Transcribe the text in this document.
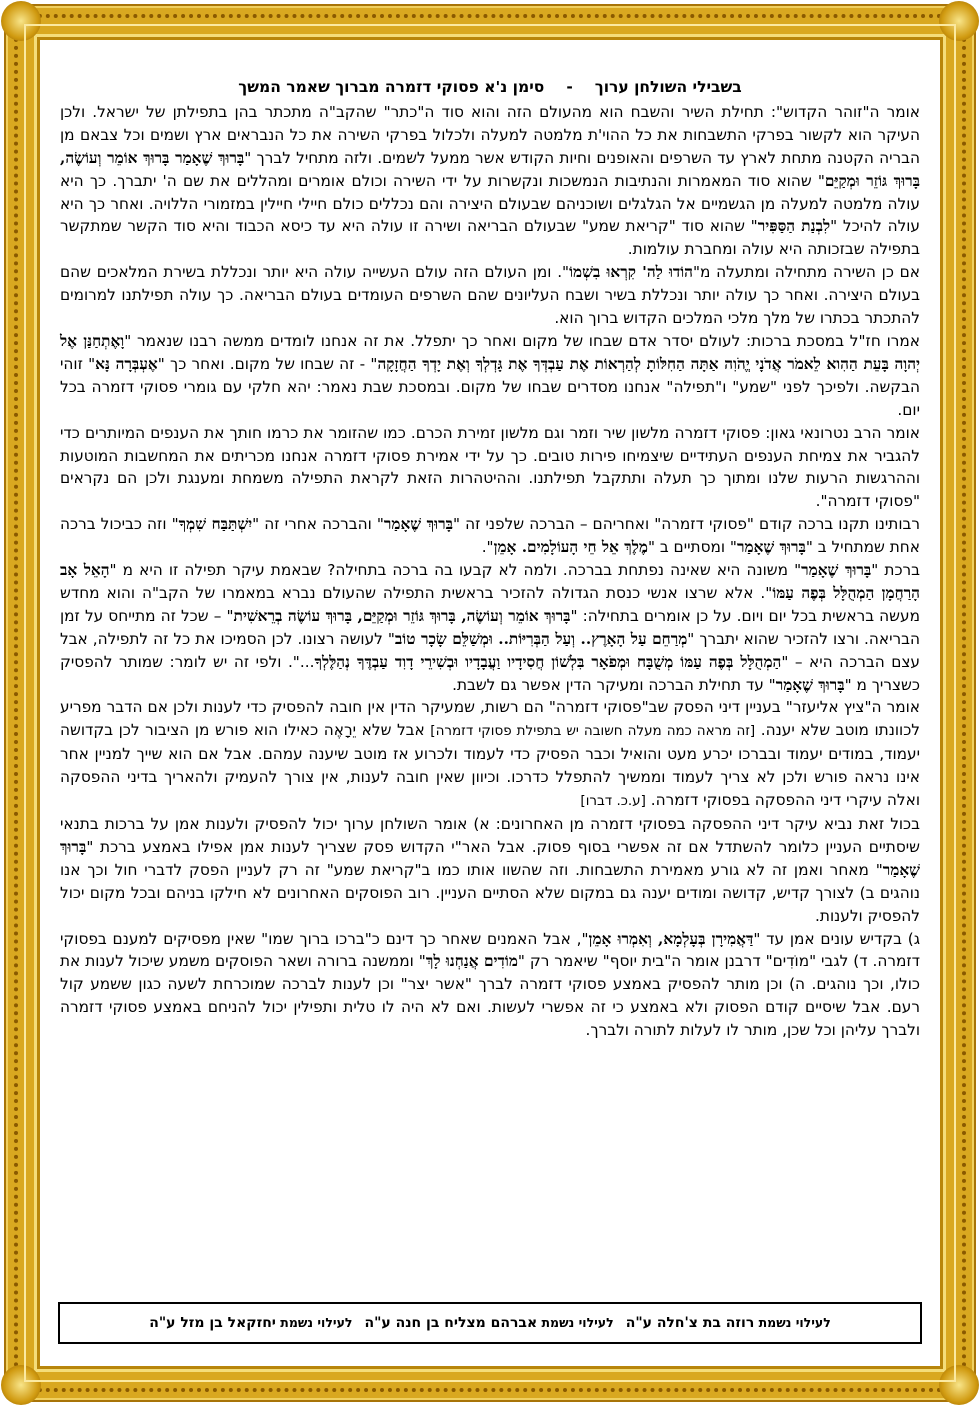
בשבילי השולחן ערוך-סימן נ'א פסוקי דזמרה מברוך שאמר המשך

אומר ה"זוהר הקדוש": תחילת השיר והשבח הוא מהעולם הזה והוא סוד ה"כתר" שהקב"ה מתכתר בהן בתפילתן של ישראל. ולכן העיקר הוא לקשור בפרקי התשבחות את כל ההוי'ת מלמטה למעלה ולכלול בפרקי השירה את כל הנבראים ארץ ושמים וכל צבאם מן הבריה הקטנה מתחת לארץ עד השרפים והאופנים וחיות הקודש אשר ממעל לשמים. ולזה מתחיל לברך "בָּרוּךְ שֶׁאָמַר בָּרוּךְ אוֹמֵר וְעוֹשֶׂה, בָּרוּךְ גּוֹזֵר וּמְקַיֵּם" שהוא סוד המאמרות והנתיבות הנמשכות ונקשרות על ידי השירה וכולם אומרים ומהללים את שם ה' יתברך. כך היא עולה מלמטה למעלה מן הגשמיים אל הגלגלים ושוכניהם שבעולם היצירה והם נכללים כולם חיילי חיילין במזמורי הללויה. ואחר כך היא עולה להיכל "לִבְנַת הַסַּפִּיר" שהוא סוד "קריאת שמע" שבעולם הבריאה ושירה זו עולה היא עד כיסא הכבוד והיא סוד הקשר שמתקשר בתפילה שבזכותה היא עולה ומחברת עולמות.

אם כן השירה מתחילה ומתעלה מ"הוֹדוּ לַה' קִרְאוּ בִשְׁמוֹ". ומן העולם הזה עולם העשייה עולה היא יותר ונכללת בשירת המלאכים שהם בעולם היצירה. ואחר כך עולה יותר ונכללת בשיר ושבח העליונים שהם השרפים העומדים בעולם הבריאה. כך עולה תפילתנו למרומים להתכתר בכתרו של מלך מלכי המלכים הקדוש ברוך הוא.

אמרו חז"ל במסכת ברכות: לעולם יסדר אדם שבחו של מקום ואחר כך יתפלל. את זה אנחנו לומדים ממשה רבנו שנאמר "וָאֶתְחַנַּן אֶל יְהוָה בָּעֵת הַהִוא לֵאמֹר אֲדֹנָי יֱהֹוִה אַתָּה הַחִלּוֹתָ לְהַרְאוֹת אֶת עַבְדְּךָ אֶת גָּדְלְךָ וְאֶת יָדְךָ הַחֲזָקָה" - זה שבחו של מקום. ואחר כך "אֶעְבְּרָה נָּא" זוהי הבקשה. ולפיכך לפני "שמע" ו"תפילה" אנחנו מסדרים שבחו של מקום. ובמסכת שבת נאמר: יהא חלקי עם גומרי פסוקי דזמרה בכל יום.

אומר הרב נטרונאי גאון: פסוקי דזמרה מלשון שיר וזמר וגם מלשון זמירת הכרם. כמו שהזומר את כרמו חותך את הענפים המיותרים כדי להגביר את צמיחת הענפים העתידיים שיצמיחו פירות טובים. כך על ידי אמירת פסוקי דזמרה אנחנו מכריתים את המחשבות המוטעות וההרגשות הרעות שלנו ומתוך כך תעלה ותתקבל תפילתנו. וההיטהרות הזאת לקראת התפילה משמחת ומענגת ולכן הם נקראים "פסוקי דזמרה".

רבותינו תקנו ברכה קודם "פסוקי דזמרה" ואחריהם – הברכה שלפני זה "בָּרוּךְ שֶׁאָמַר" והברכה אחרי זה "יִשְׁתַּבַּח שִׁמְךָ" וזה כביכול ברכה אחת שמתחיל ב "בָּרוּךְ שֶׁאָמַר" ומסתיים ב "מֶלֶךְ אֵל חֵי הָעוֹלָמִים. אָמֵן".

ברכת "בָּרוּךְ שֶׁאָמַר" משונה היא שאינה נפתחת בברכה. ולמה לא קבעו בה ברכה בתחילה? שבאמת עיקר תפילה זו היא מ "הָאֵל אָב הָרַחֲמָן הַמְהֻלָּל בְּפֶה עַמּוֹ". אלא שרצו אנשי כנסת הגדולה להזכיר בראשית התפילה שהעולם נברא במאמרו של הקב"ה והוא מחדש מעשה בראשית בכל יום ויום. על כן אומרים בתחילה: "בָּרוּךְ אוֹמֵר וְעוֹשֶׂה, בָּרוּךְ גּוֹזֵר וּמְקַיֵּם, בָּרוּךְ עוֹשֶׂה בְרֵאשִׁית" – שכל זה מתייחס על זמן הבריאה. ורצו להזכיר שהוא יתברך "מְרַחֵם עַל הָאָרֶץ.. וְעַל הַבְּרִיּוֹת.. וּמְשַׁלֵּם שָׂכָר טוֹב" לעושה רצונו. לכן הסמיכו את כל זה לתפילה, אבל עצם הברכה היא – "הַמְהֻלָּל בְּפֶה עַמּוֹ מְשֻׁבָּח וּמְפֹאָר בִּלְשׁוֹן חֲסִידָיו וַעֲבָדָיו וּבְשִׁירֵי דָוִד עַבְדֶּךָ נְהַלֶּלְךָ...". ולפי זה יש לומר: שמותר להפסיק כשצריך מ "בָּרוּךְ שֶׁאָמַר" עד תחילת הברכה ומעיקר הדין אפשר גם לשבת.

אומר ה"ציץ אליעזר" בעניין דיני הפסק שב"פסוקי דזמרה" הם רשות, שמעיקר הדין אין חובה להפסיק כדי לענות ולכן אם הדבר מפריע לכוונתו מוטב שלא יענה. [זה מראה כמה מעלה חשובה יש בתפילת פסוקי דזמרה] אבל שלא יֵרָאֶה כאילו הוא פורש מן הציבור לכן בקדושה יעמוד, במודים יעמוד ובברכו יכרע מעט והואיל וכבר הפסיק כדי לעמוד ולכרוע אז מוטב שיענה עמהם. אבל אם הוא שייך למניין אחר אינו נראה פורש ולכן לא צריך לעמוד וממשיך להתפלל כדרכו. וכיוון שאין חובה לענות, אין צורך להעמיק ולהאריך בדיני ההפסקה ואלה עיקרי דיני ההפסקה בפסוקי דזמרה. [ע.כ. דברו]

בכול זאת נביא עיקר דיני ההפסקה בפסוקי דזמרה מן האחרונים: א) אומר השולחן ערוך יכול להפסיק ולענות אמן על ברכות בתנאי שיסתיים העניין כלומר להשתדל אם זה אפשרי בסוף פסוק. אבל האר"י הקדוש פסק שצריך לענות אמן אפילו באמצע ברכת "בָּרוּךְ שֶׁאָמַר" מאחר ואמן זה לא גורע מאמירת התשבחות. וזה שהשוו אותו כמו ב"קריאת שמע" זה רק לעניין הפסק לדברי חול וכך אנו נוהגים ב) לצורך קדיש, קדושה ומודים יענה גם במקום שלא הסתיים העניין. רוב הפוסקים האחרונים לא חילקו בניהם ובכל מקום יכול להפסיק ולענות.

ג) בקדיש עונים אמן עד "דַּאֲמִירָן בְּעָלְמָא, וְאִמְרוּ אָמֵן", אבל האמנים שאחר כך דינם כ"ברכו ברוך שמו" שאין מפסיקים למענם בפסוקי דזמרה. ד) לגבי "מוֹדִים" דרבנן אומר ה"בית יוסף" שיאמר רק "מוֹדִים אֲנַחְנוּ לָךְ" וממשנה ברורה ושאר הפוסקים משמע שיכול לענות את כולו, וכך נוהגים. ה) וכן מותר להפסיק באמצע פסוקי דזמרה לברך "אשר יצר" וכן לענות לברכה שמוכרחת לשעה כגון ששמע קול רעם. אבל שיסיים קודם הפסוק ולא באמצע כי זה אפשרי לעשות. ואם לא היה לו טלית ותפילין יכול להניחם באמצע פסוקי דזמרה ולברך עליהן וכל שכן, מותר לו לעלות לתורה ולברך.

לעילוי נשמת רוזה בת צ'חלה ע"ה
לעילוי נשמת אברהם מצליח בן חנה ע"ה
לעילוי נשמת יחזקאל בן מזל ע"ה
